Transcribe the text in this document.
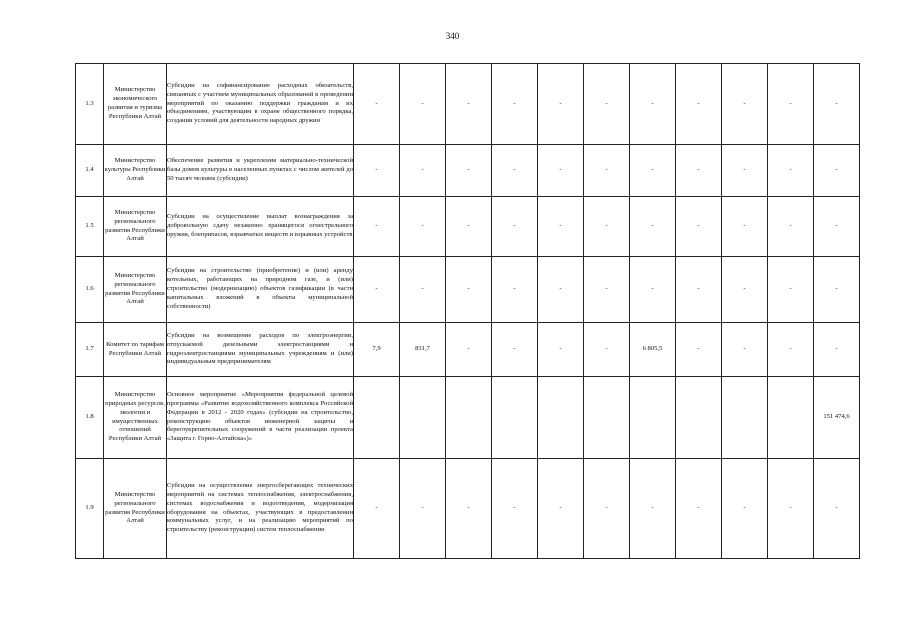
340
1.3	Министерство экономического развития и туризма Республики Алтай	Субсидии на софинансирование расходных обязательств, связанных с участием муниципальных образований в проведении мероприятий по оказанию поддержки гражданам и их объединениям, участвующим в охране общественного порядка, создании условий для деятельности народных дружин	-	-	-	-	-	-	-	-	-	-	-
1.4	Министерство культуры Республики Алтай	Обеспечение развития и укрепления материально-технической базы домов культуры в населенных пунктах с числом жителей до 50 тысяч человек (субсидии)	-	-	-	-	-	-	-	-	-	-	-
1.5	Министерство регионального развития Республики Алтай	Субсидии на осуществление выплат вознаграждения за добровольную сдачу незаконно хранящегося огнестрельного оружия, боеприпасов, взрывчатых веществ и взрывных устройств	-	-	-	-	-	-	-	-	-	-	-
1.6	Министерство регионального развития Республики Алтай	Субсидии на строительство (приобретение) и (или) аренду котельных, работающих на природном газе, и (или) строительство (модернизацию) объектов газификации (в части капитальных вложений в объекты муниципальной собственности)	-	-	-	-	-	-	-	-	-	-	-
1.7	Комитет по тарифам Республики Алтай	Субсидии на возмещение расходов по электроэнергии, отпускаемой дизельными электростанциями и гидроэлектростанциями муниципальных учреждениям и (или) индивидуальным предпринимателям	7,9	831,7	-	-	-	-	6 805,5	-	-	-	-
1.8	Министерство природных ресурсов, экологии и имущественных отношений Республики Алтай	Основное мероприятие «Мероприятия федеральной целевой программы «Развитие водохозяйственного комплекса Российской Федерации в 2012 - 2020 годах» (субсидии на строительство, реконструкцию объектов инженерной защиты и берегоукрепительных сооружений в части реализации проекта «Защита г. Горно-Алтайска»)»											151 474,6
1.9	Министерство регионального развития Республики Алтай	Субсидии на осуществление энергосберегающих технических мероприятий на системах теплоснабжения, электроснабжения, системах водоснабжения и водоотведения, модернизация оборудования на объектах, участвующих в предоставлении коммунальных услуг, и на реализацию мероприятий по строительству (реконструкции) систем теплоснабжения	-	-	-	-	-	-	-	-	-	-	-
